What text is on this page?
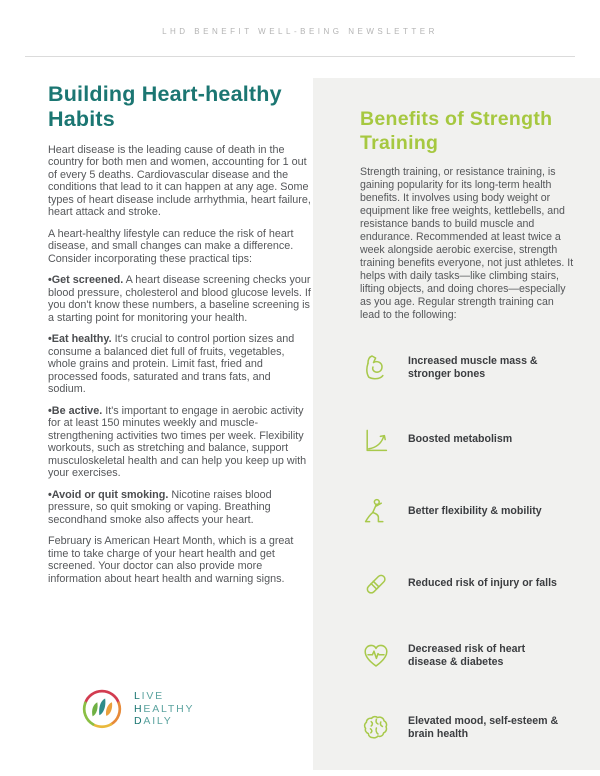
LHD BENEFIT WELL-BEING NEWSLETTER
Building Heart-healthy Habits

Heart disease is the leading cause of death in the country for both men and women, accounting for 1 out of every 5 deaths. Cardiovascular disease and the conditions that lead to it can happen at any age. Some types of heart disease include arrhythmia, heart failure, heart attack and stroke.

A heart-healthy lifestyle can reduce the risk of heart disease, and small changes can make a difference. Consider incorporating these practical tips:

• Get screened. A heart disease screening checks your blood pressure, cholesterol and blood glucose levels. If you don't know these numbers, a baseline screening is a starting point for monitoring your health.

• Eat healthy. It's crucial to control portion sizes and consume a balanced diet full of fruits, vegetables, whole grains and protein. Limit fast, fried and processed foods, saturated and trans fats, and sodium.

• Be active. It's important to engage in aerobic activity for at least 150 minutes weekly and muscle-strengthening activities two times per week. Flexibility workouts, such as stretching and balance, support musculoskeletal health and can help you keep up with your exercises.

• Avoid or quit smoking. Nicotine raises blood pressure, so quit smoking or vaping. Breathing secondhand smoke also affects your heart.

February is American Heart Month, which is a great time to take charge of your heart health and get screened. Your doctor can also provide more information about heart health and warning signs.

LIVE
HEALTHY
DAILY
Benefits of Strength Training

Strength training, or resistance training, is gaining popularity for its long-term health benefits. It involves using body weight or equipment like free weights, kettlebells, and resistance bands to build muscle and endurance. Recommended at least twice a week alongside aerobic exercise, strength training benefits everyone, not just athletes. It helps with daily tasks—like climbing stairs, lifting objects, and doing chores—especially as you age. Regular strength training can lead to the following:

Increased muscle mass & stronger bones
Boosted metabolism
Better flexibility & mobility
Reduced risk of injury or falls
Decreased risk of heart disease & diabetes
Elevated mood, self-esteem & brain health
